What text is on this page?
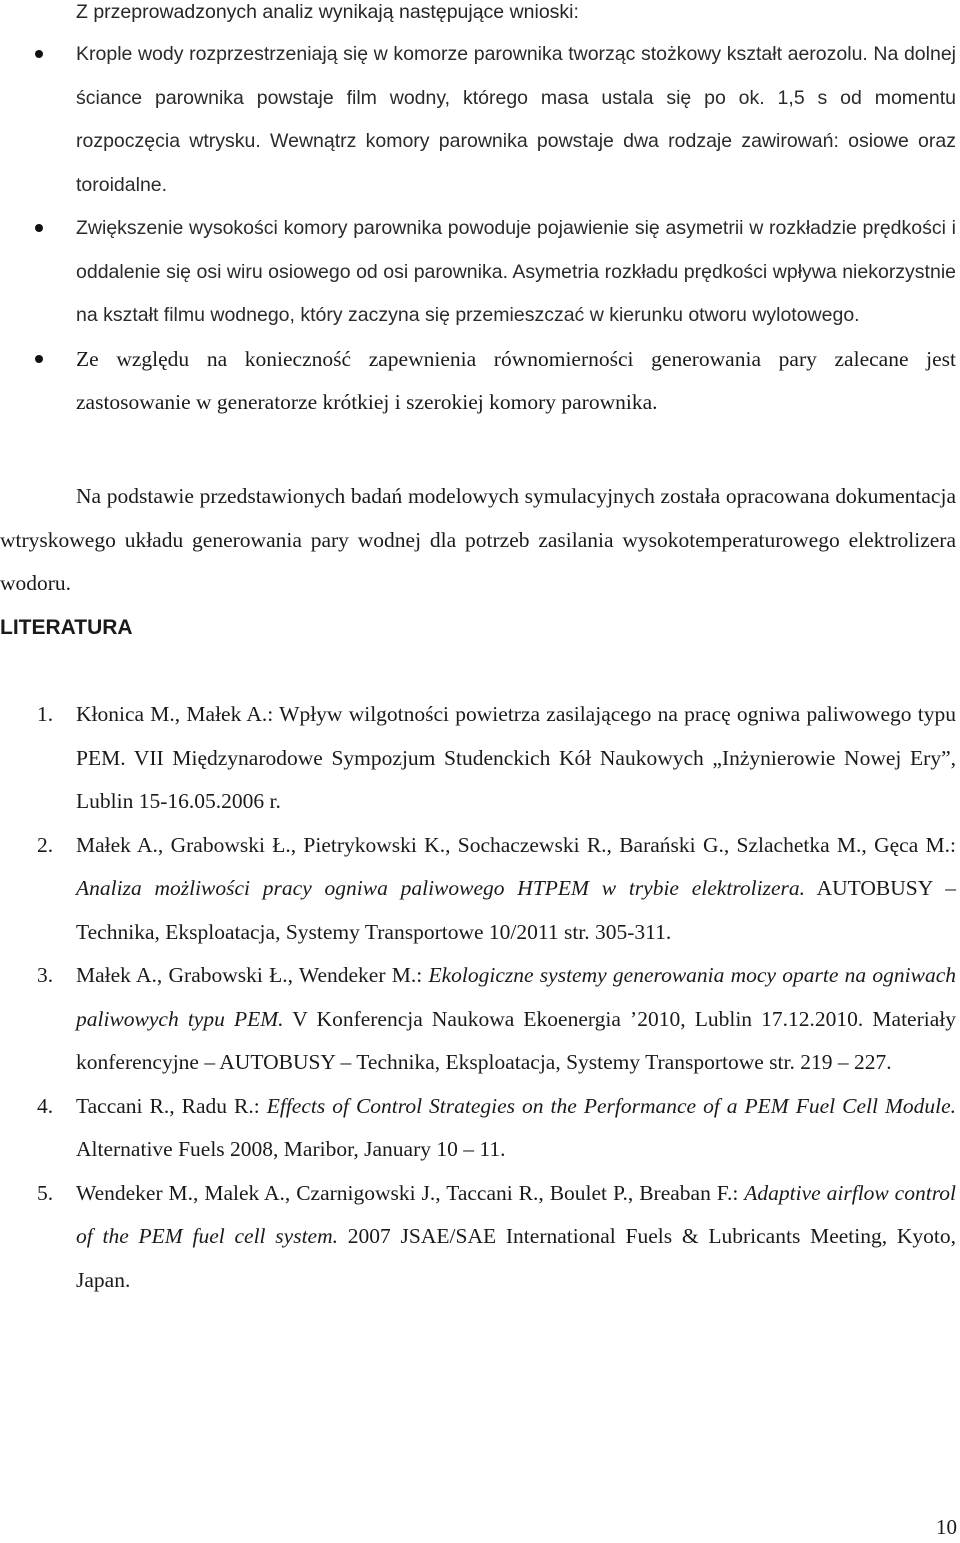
Z przeprowadzonych analiz wynikają następujące wnioski:

Krople wody rozprzestrzeniają się w komorze parownika tworząc stożkowy kształt aerozolu. Na dolnej ściance parownika powstaje film wodny, którego masa ustala się po ok. 1,5 s od momentu rozpoczęcia wtrysku. Wewnątrz komory parownika powstaje dwa rodzaje zawirowań: osiowe oraz toroidalne.
Zwiększenie wysokości komory parownika powoduje pojawienie się asymetrii w rozkładzie prędkości i oddalenie się osi wiru osiowego od osi parownika. Asymetria rozkładu prędkości wpływa niekorzystnie na kształt filmu wodnego, który zaczyna się przemieszczać w kierunku otworu wylotowego.
Ze względu na konieczność zapewnienia równomierności generowania pary zalecane jest zastosowanie w generatorze krótkiej i szerokiej komory parownika.

Na podstawie przedstawionych badań modelowych symulacyjnych została opracowana dokumentacja wtryskowego układu generowania pary wodnej dla potrzeb zasilania wysokotemperaturowego elektrolizera wodoru.

LITERATURA
1. Kłonica M., Małek A.: Wpływ wilgotności powietrza zasilającego na pracę ogniwa paliwowego typu PEM. VII Międzynarodowe Sympozjum Studenckich Kół Naukowych „Inżynierowie Nowej Ery”, Lublin 15-16.05.2006 r.
2. Małek A., Grabowski Ł., Pietrykowski K., Sochaczewski R., Barański G., Szlachetka M., Gęca M.: Analiza możliwości pracy ogniwa paliwowego HTPEM w trybie elektrolizera. AUTOBUSY – Technika, Eksploatacja, Systemy Transportowe 10/2011 str. 305-311.
3. Małek A., Grabowski Ł., Wendeker M.: Ekologiczne systemy generowania mocy oparte na ogniwach paliwowych typu PEM. V Konferencja Naukowa Ekoenergia ’2010, Lublin 17.12.2010. Materiały konferencyjne – AUTOBUSY – Technika, Eksploatacja, Systemy Transportowe str. 219 – 227.
4. Taccani R., Radu R.: Effects of Control Strategies on the Performance of a PEM Fuel Cell Module. Alternative Fuels 2008, Maribor, January 10 – 11.
5. Wendeker M., Malek A., Czarnigowski J., Taccani R., Boulet P., Breaban F.: Adaptive airflow control of the PEM fuel cell system. 2007 JSAE/SAE International Fuels & Lubricants Meeting, Kyoto, Japan.

10
